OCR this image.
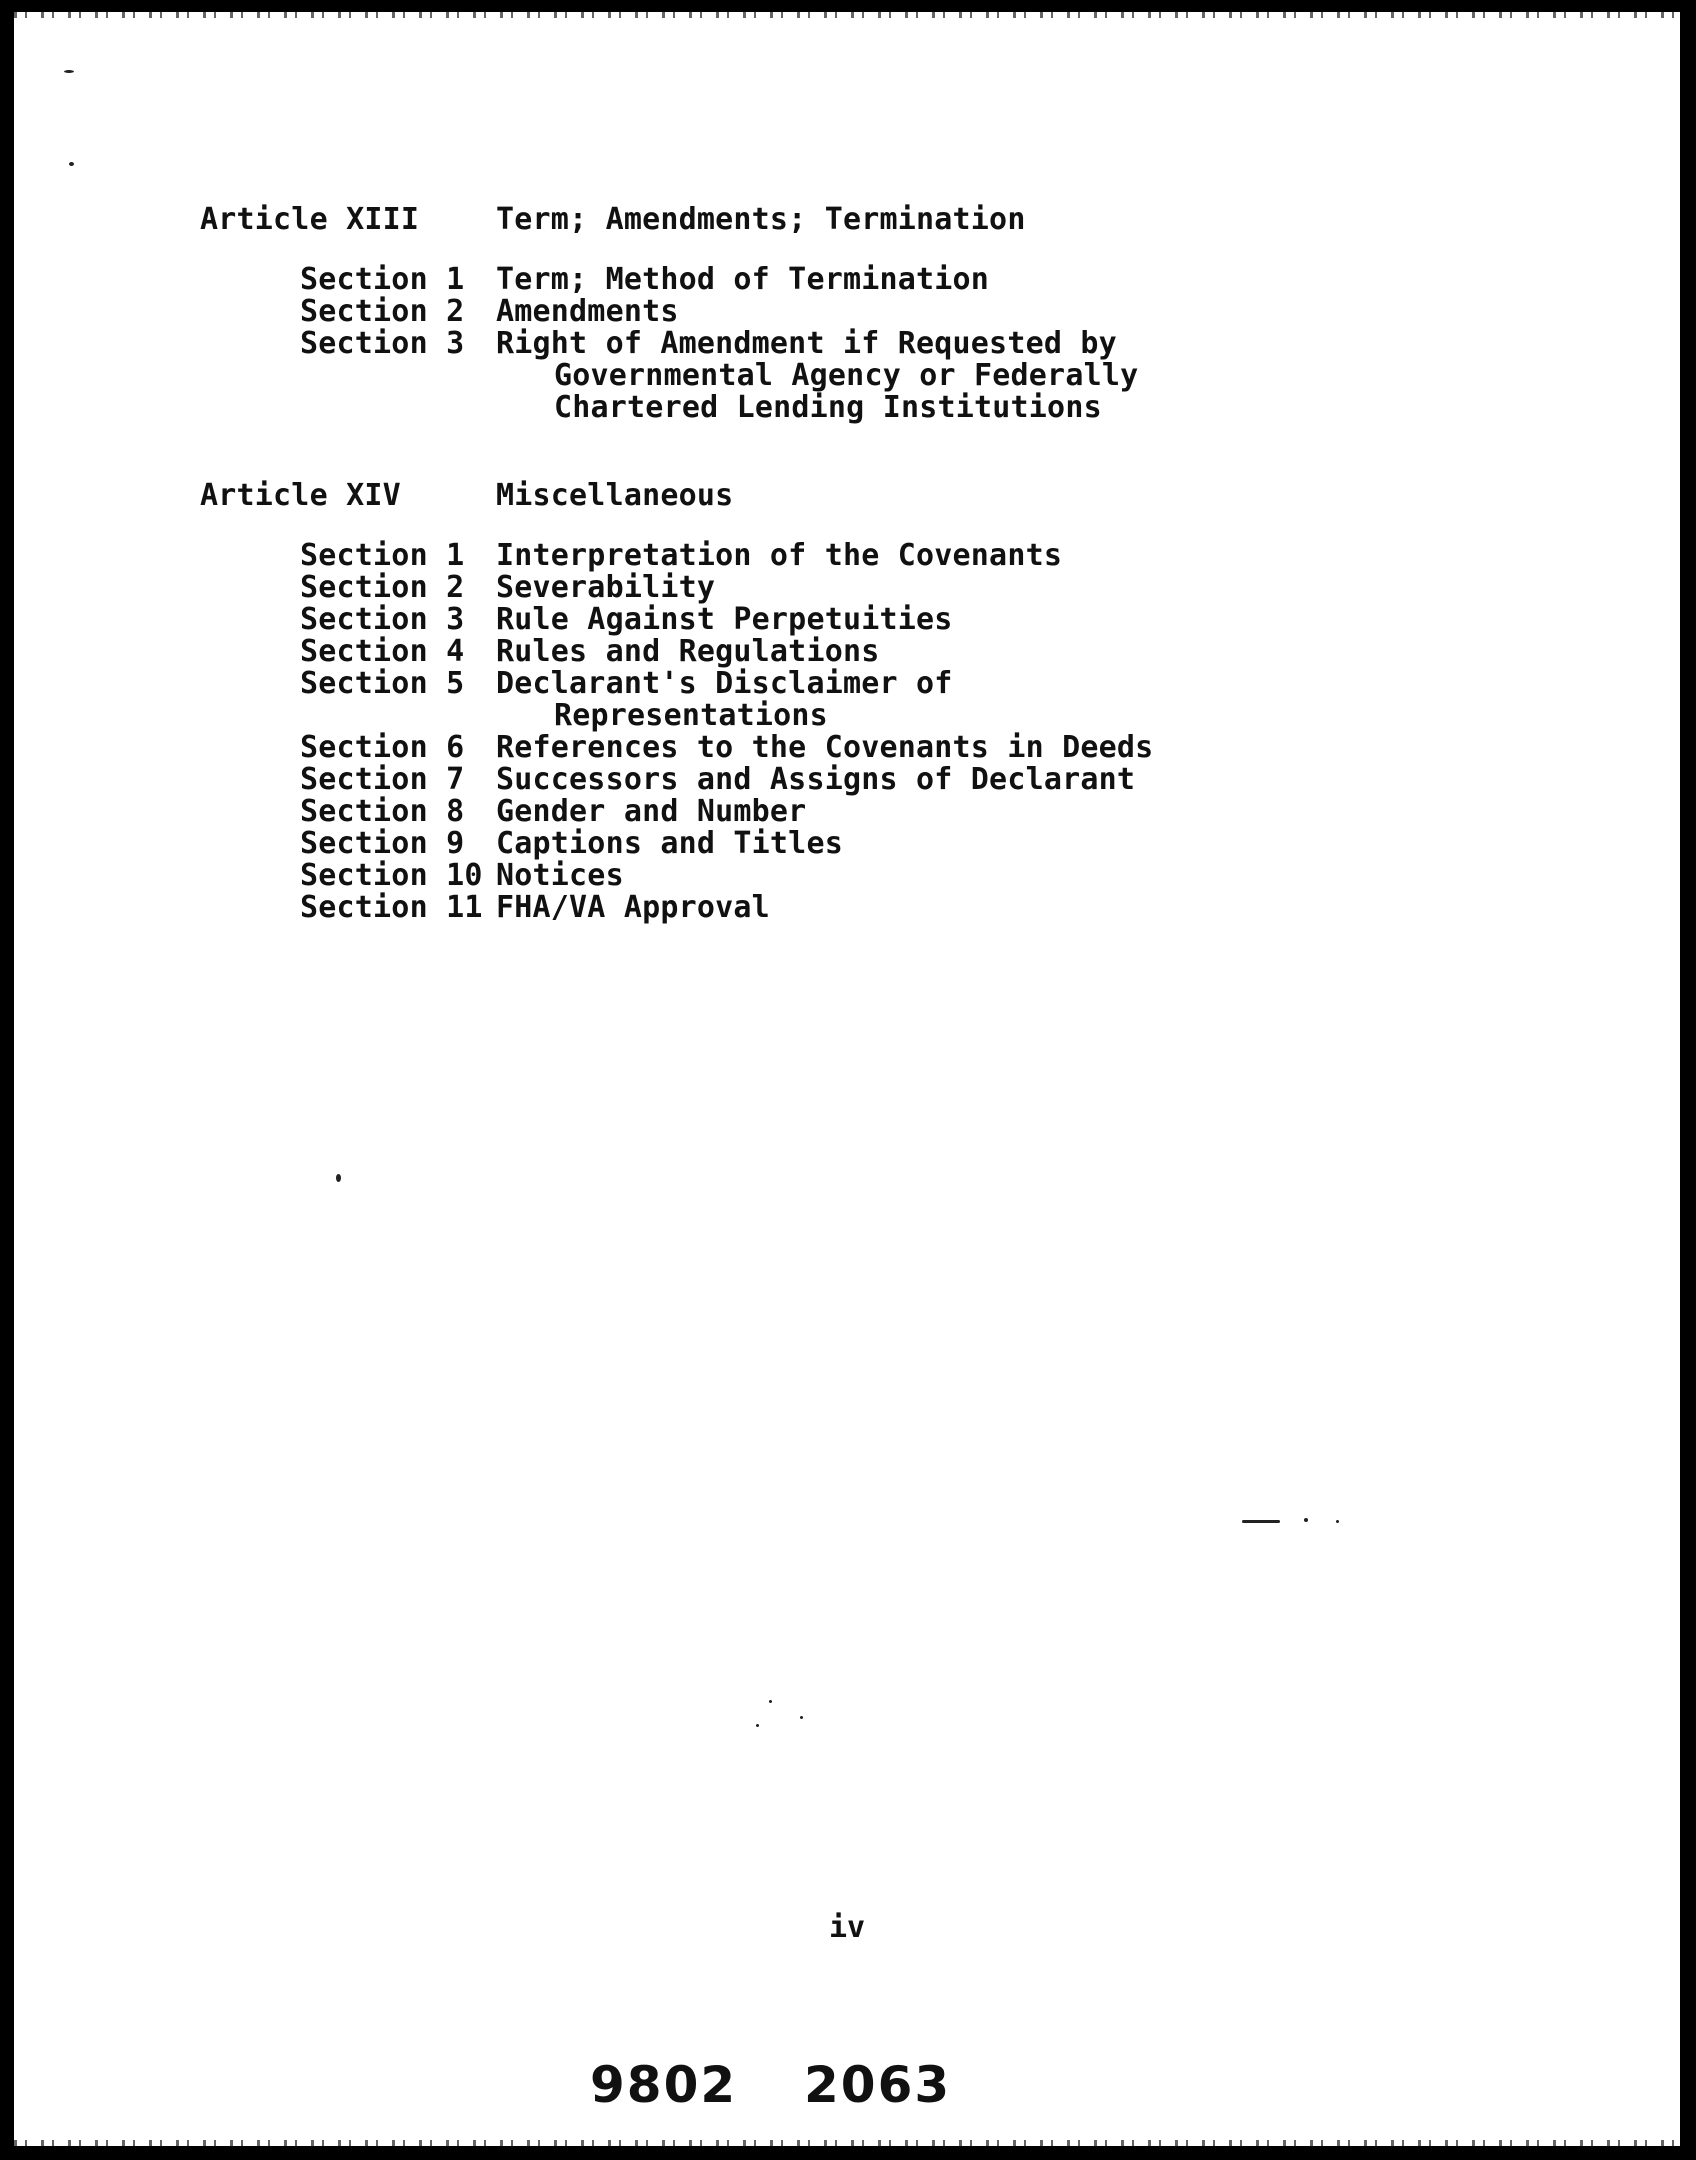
Article XIII	Term; Amendments; Termination
Section 1	Term; Method of Termination
Section 2	Amendments
Section 3	Right of Amendment if Requested by
Governmental Agency or Federally
Chartered Lending Institutions
Article XIV	Miscellaneous
Section 1	Interpretation of the Covenants
Section 2	Severability
Section 3	Rule Against Perpetuities
Section 4	Rules and Regulations
Section 5	Declarant's Disclaimer of
Representations
Section 6	References to the Covenants in Deeds
Section 7	Successors and Assigns of Declarant
Section 8	Gender and Number
Section 9	Captions and Titles
Section 10 Notices
Section 11 FHA/VA Approval
iv
9802 2063
